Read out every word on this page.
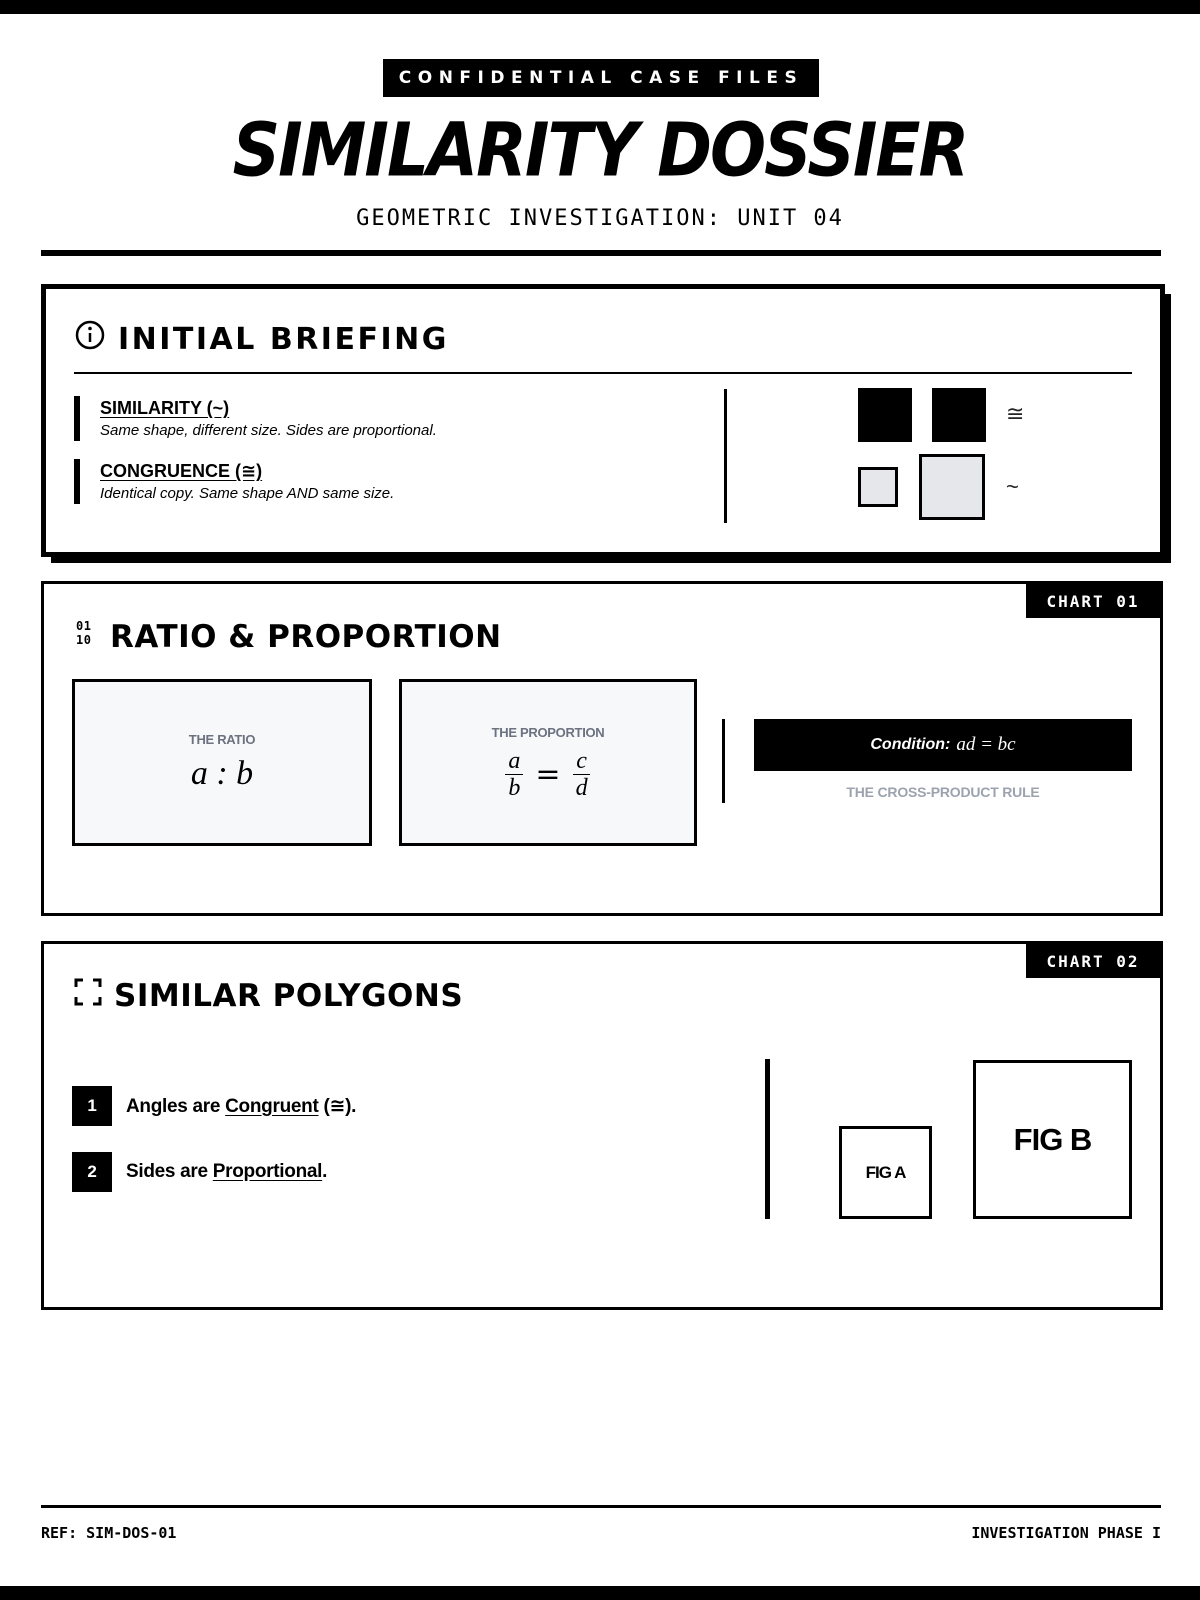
CONFIDENTIAL CASE FILES
SIMILARITY DOSSIER
GEOMETRIC INVESTIGATION: UNIT 04
INITIAL BRIEFING
SIMILARITY (~)
Same shape, different size. Sides are proportional.
CONGRUENCE (≅)
Identical copy. Same shape AND same size.
≅
~
CHART 01
01
10 RATIO & PROPORTION
THE RATIO
a : b
THE PROPORTION
$\frac{a}{b} = \frac{c}{d}$
Condition: ad = bc
THE CROSS-PRODUCT RULE
CHART 02
SIMILAR POLYGONS
1	Angles are Congruent (≅).
2	Sides are Proportional.	FIG A
FIG B
REF: SIM-DOS-01	INVESTIGATION PHASE I
